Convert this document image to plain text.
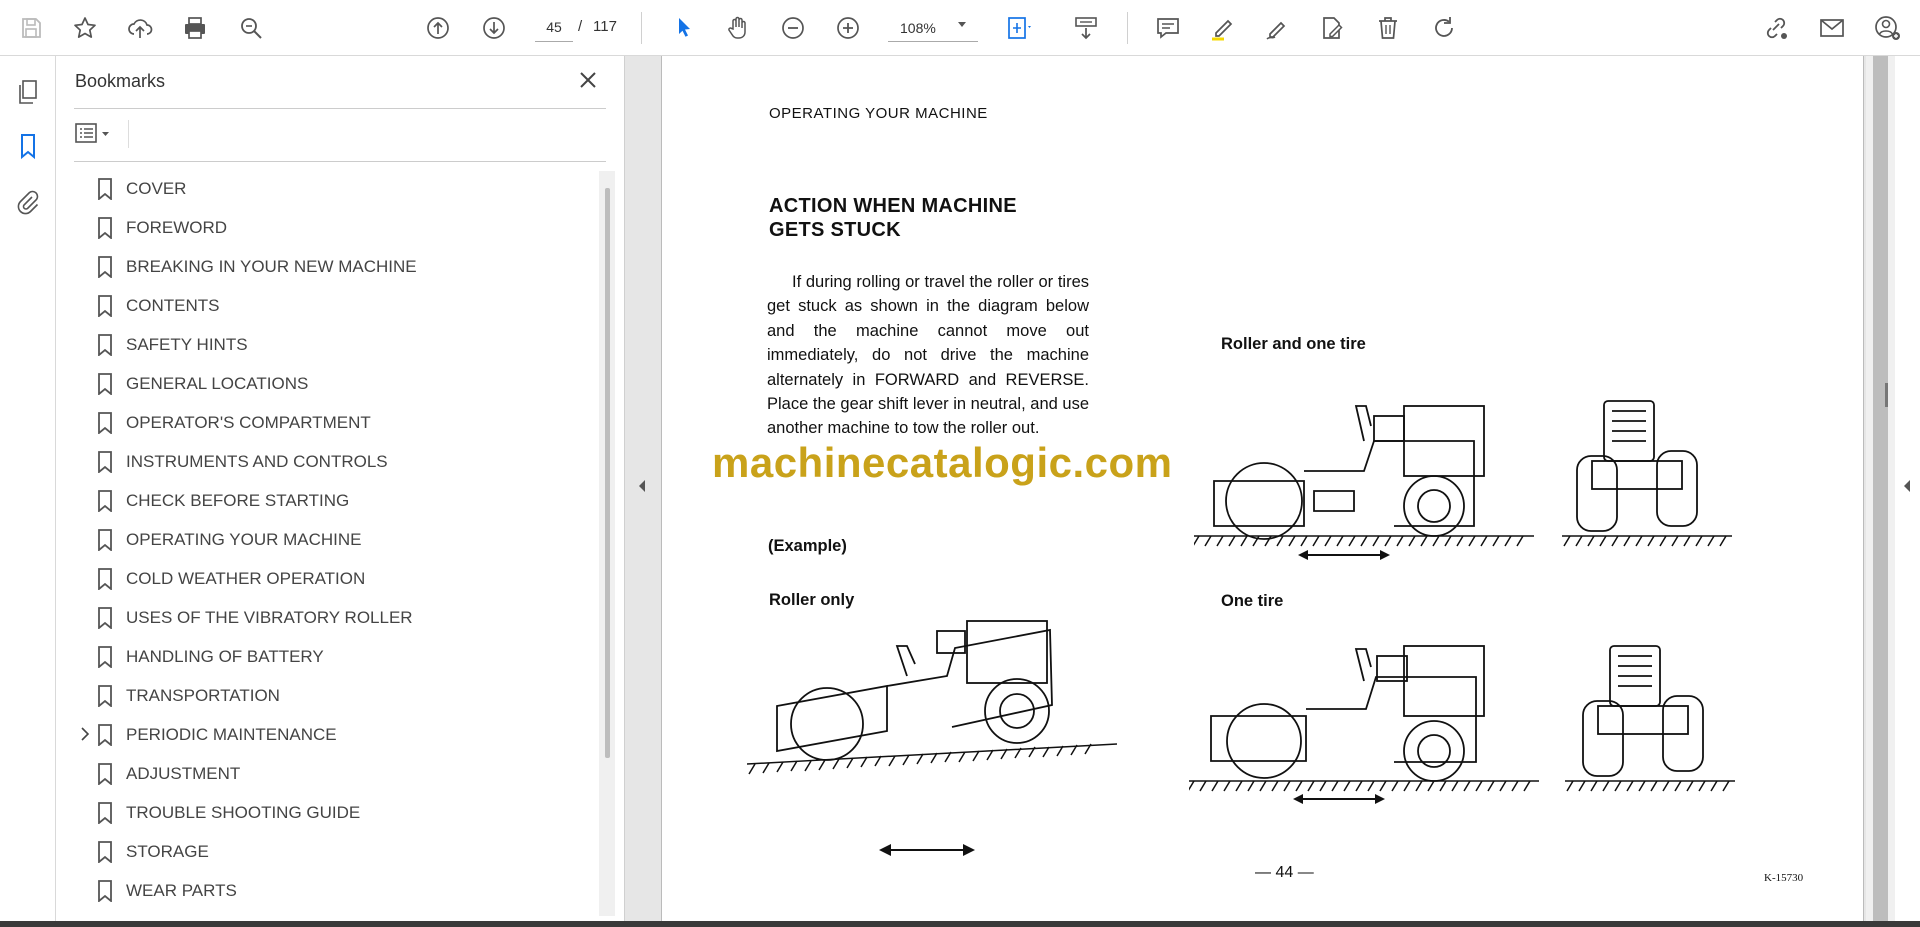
45
/ 117	108%
Bookmarks
COVER
FOREWORD
BREAKING IN YOUR NEW MACHINE
CONTENTS
SAFETY HINTS
GENERAL LOCATIONS
OPERATOR'S COMPARTMENT
INSTRUMENTS AND CONTROLS
CHECK BEFORE STARTING
OPERATING YOUR MACHINE
COLD WEATHER OPERATION
USES OF THE VIBRATORY ROLLER
HANDLING OF BATTERY
TRANSPORTATION
PERIODIC MAINTENANCE
ADJUSTMENT
TROUBLE SHOOTING GUIDE
STORAGE
WEAR PARTS
OPERATING YOUR MACHINE
ACTION WHEN MACHINE
GETS STUCK
If during rolling or travel the roller or tires get stuck as shown in the diagram below and the machine cannot move out immediately, do not drive the machine alternately in FORWARD and REVERSE. Place the gear shift lever in neutral, and use another machine to tow the roller out.
(Example)
Roller and one tire
Roller only	One tire
machinecatalogic.com
— 44 —	K-15730
